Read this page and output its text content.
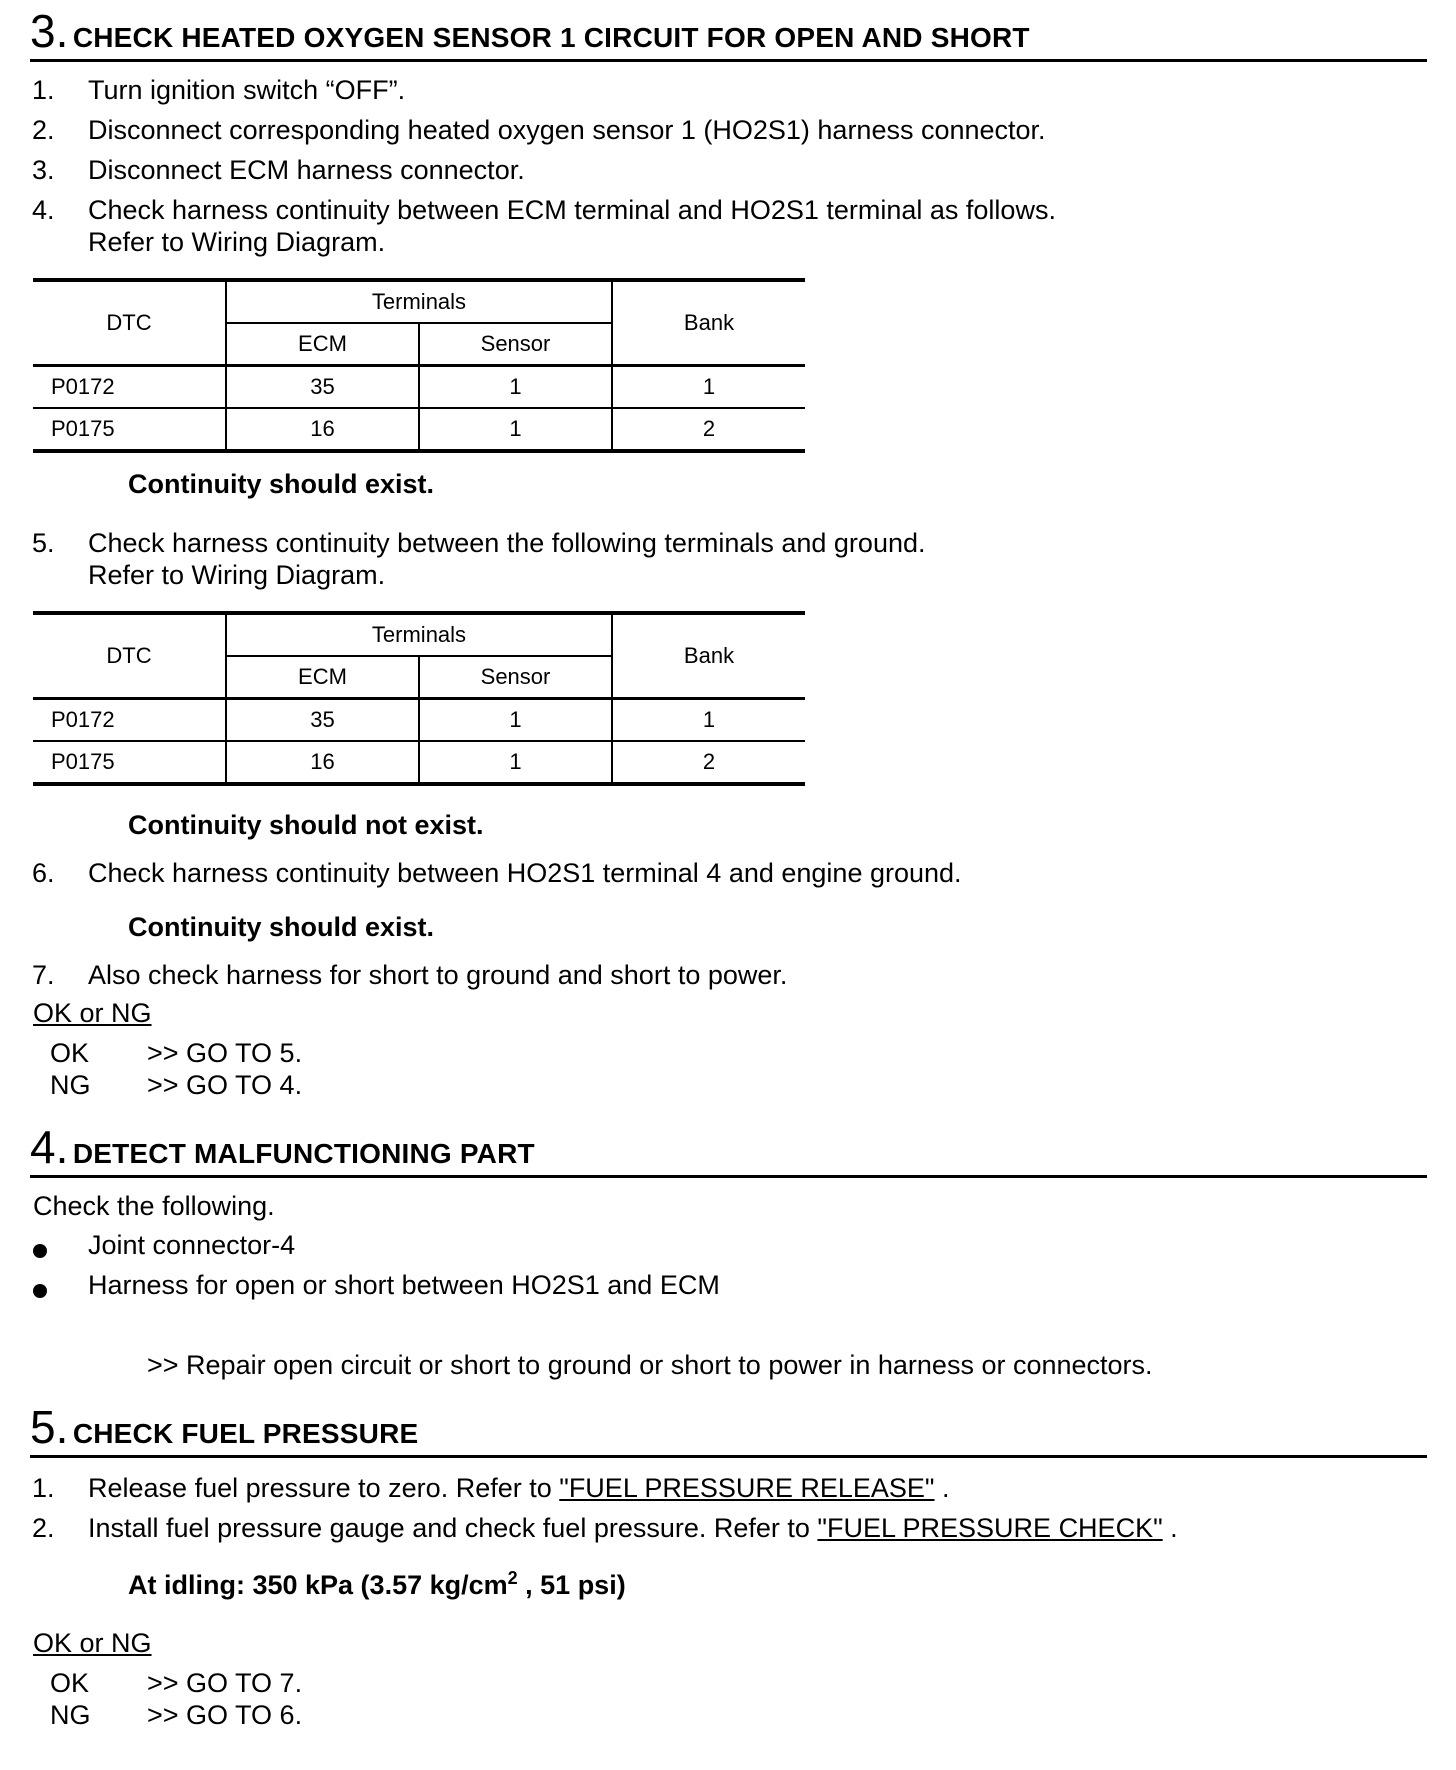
3. CHECK HEATED OXYGEN SENSOR 1 CIRCUIT FOR OPEN AND SHORT
1. Turn ignition switch “OFF”.
2. Disconnect corresponding heated oxygen sensor 1 (HO2S1) harness connector.
3. Disconnect ECM harness connector.
4. Check harness continuity between ECM terminal and HO2S1 terminal as follows.
Refer to Wiring Diagram.
DTC	Terminals		Bank
	ECM	Sensor	
P0172	35	1	1
P0175	16	1	2
Continuity should exist.
5. Check harness continuity between the following terminals and ground.
Refer to Wiring Diagram.
DTC	Terminals		Bank
	ECM	Sensor	
P0172	35	1	1
P0175	16	1	2
Continuity should not exist.
6. Check harness continuity between HO2S1 terminal 4 and engine ground.
Continuity should exist.
7. Also check harness for short to ground and short to power.
OK or NG
OK >> GO TO 5.
NG >> GO TO 4.
4. DETECT MALFUNCTIONING PART
Check the following.
Joint connector-4
Harness for open or short between HO2S1 and ECM
>> Repair open circuit or short to ground or short to power in harness or connectors.
5. CHECK FUEL PRESSURE
1. Release fuel pressure to zero. Refer to "FUEL PRESSURE RELEASE" .
2. Install fuel pressure gauge and check fuel pressure. Refer to "FUEL PRESSURE CHECK" .
At idling: 350 kPa (3.57 $kg/cm^2$ , 51 psi)
OK or NG
OK >> GO TO 7.
NG >> GO TO 6.
